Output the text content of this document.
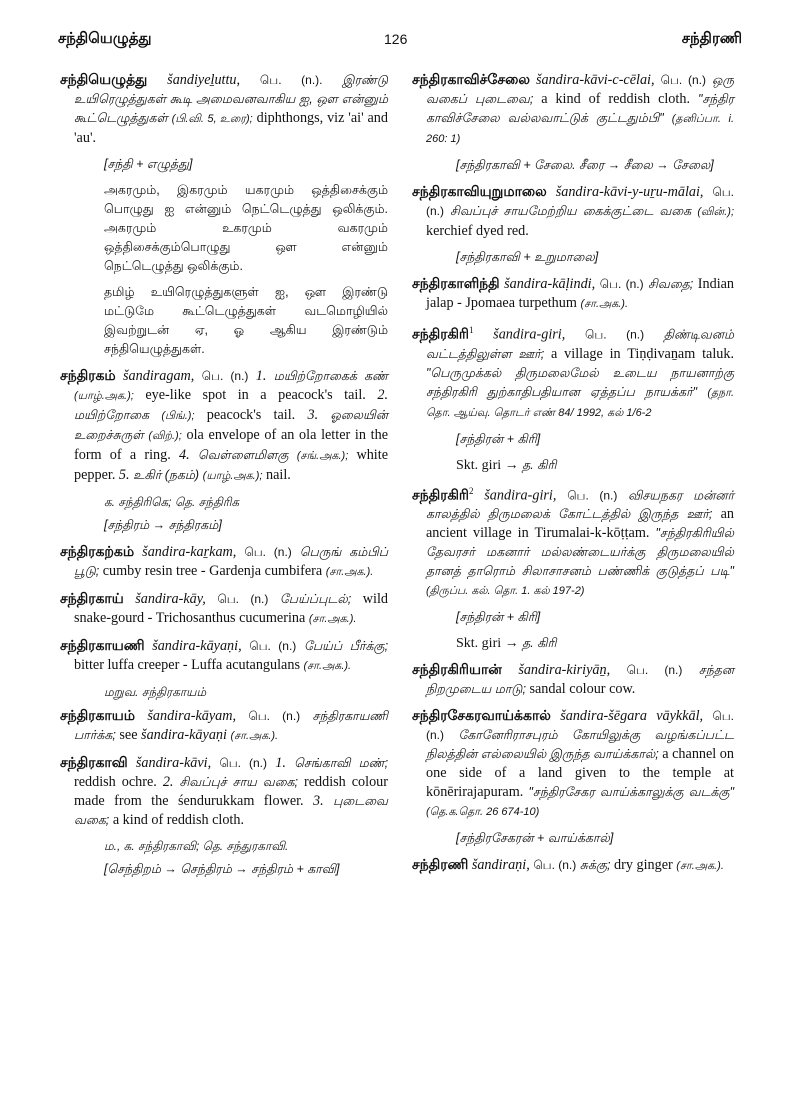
சந்தியெழுத்து	126	சந்திரணி
சந்தியெழுத்து šandiyeḻuttu, பெ. (n.). இரண்டு உயிரெழுத்துகள் கூடி அமைவனவாகிய ஐ, ஔ என்னும் கூட்டெழுத்துகள் (பி.வி. 5, உரை); diphthongs, viz 'ai' and 'au'.
[சந்தி + எழுத்து]
அகரமும், இகரமும் யகரமும் ஒத்திசைக்கும் பொழுது ஐ என்னும் நெட்டெழுத்து ஒலிக்கும். அகரமும் உகரமும் வகரமும் ஒத்திசைக்கும்பொழுது ஔ என்னும் நெட்டெழுத்து ஒலிக்கும்.
தமிழ் உயிரெழுத்துகளுள் ஐ, ஔ இரண்டு மட்டுமே கூட்டெழுத்துகள் வடமொழியில் இவற்றுடன் ஏ, ஓ ஆகிய இரண்டும் சந்தியெழுத்துகள்.
சந்திரகம் šandiragam, பெ. (n.) 1. மயிற்றோகைக் கண் (யாழ்.அக.); eye-like spot in a peacock's tail. 2. மயிற்றோகை (பிங்.); peacock's tail. 3. ஓலையின் உறைச்சுருள் (விற்.); ola envelope of an ola letter in the form of a ring. 4. வெள்ளைமிளகு (சங்.அக.); white pepper. 5. உகிர் (நகம்) (யாழ்.அக.); nail.
க. சந்திரிகெ; தெ. சந்திரிக
[சந்திரம் → சந்திரகம்]
சந்திரகற்கம் šandira-kaṟkam, பெ. (n.) பெருங் கம்பிப் பூடு; cumby resin tree - Gardenja cumbifera (சா.அக.).
சந்திரகாய் šandira-kāy, பெ. (n.) பேய்ப்புடல்; wild snake-gourd - Trichosanthus cucumerina (சா.அக.).
சந்திரகாயணி šandira-kāyaṇi, பெ. (n.) பேய்ப் பீர்க்கு; bitter luffa creeper - Luffa acutangulans (சா.அக.).
மறுவ. சந்திரகாயம்
சந்திரகாயம் šandira-kāyam, பெ. (n.) சந்திரகாயணி பார்க்க; see šandira-kāyaṇi (சா.அக.).
சந்திரகாவி šandira-kāvi, பெ. (n.) 1. செங்காவி மண்; reddish ochre. 2. சிவப்புச் சாய வகை; reddish colour made from the śendurukkam flower. 3. புடைவை வகை; a kind of reddish cloth.
ம., க. சந்திரகாவி; தெ. சந்துரகாவி.
[செந்திறம் → செந்திரம் → சந்திரம் + காவி]
சந்திரகாவிச்சேலை šandira-kāvi-c-cēlai, பெ. (n.) ஒரு வகைப் புடைவை; a kind of reddish cloth. "சந்திர காவிச்சேலை வல்லவாட்டுக் குட்டதும்பி" (தனிப்பா. i. 260: 1)
[சந்திரகாவி + சேலை. சீரை → சீலை → சேலை]
சந்திரகாவியுறுமாலை šandira-kāvi-y-uṟu-mālai, பெ. (n.) சிவப்புச் சாயமேற்றிய கைக்குட்டை வகை (வின்.); kerchief dyed red.
[சந்திரகாவி + உறுமாலை]
சந்திரகாளிந்தி šandira-kāḷindi, பெ. (n.) சிவதை; Indian jalap - Jpomaea turpethum (சா.அக.).
சந்திரகிரி$^1$ šandira-giri, பெ. (n.) திண்டிவனம் வட்டத்திலுள்ள ஊர்; a village in Tiṇḍivaṉam taluk. "பெருமுக்கல் திருமலைமேல் உடைய நாயனாற்கு சந்திரகிரி துற்காதிபதியான ஏத்தப்ப நாயக்கர்" (தநா. தொ. ஆய்வு. தொடர் எண் 84/ 1992, கல் 1/6-2
[சந்திரன் + கிரி]
Skt. giri → த. கிரி
சந்திரகிரி$^2$ šandira-giri, பெ. (n.) விசயநகர மன்னர் காலத்தில் திருமலைக் கோட்டத்தில் இருந்த ஊர்; an ancient village in Tirumalai-k-kōṭṭam. "சந்திரகிரியில் தேவரசர் மகனார் மல்லண்டையர்க்கு திருமலையில் தானத் தாரொம் சிலாசாசனம் பண்ணிக் குடுத்தப் படி" (திருப்ப. கல். தொ. 1. கல் 197-2)
[சந்திரன் + கிரி]
Skt. giri → த. கிரி
சந்திரகிரியான் šandira-kiriyāṉ, பெ. (n.) சந்தன நிறமுடைய மாடு; sandal colour cow.
சந்திரசேகரவாய்க்கால் šandira-šēgara vāykkāl, பெ. (n.) கோனேரிராசபுரம் கோயிலுக்கு வழங்கப்பட்ட நிலத்தின் எல்லையில் இருந்த வாய்க்கால்; a channel on one side of a land given to the temple at kōnērirajapuram. "சந்திரசேகர வாய்க்காலுக்கு வடக்கு" (தெ.க.தொ. 26 674-10)
[சந்திரசேகரன் + வாய்க்கால்]
சந்திரணி šandiraṇi, பெ. (n.) சுக்கு; dry ginger (சா.அக.).
